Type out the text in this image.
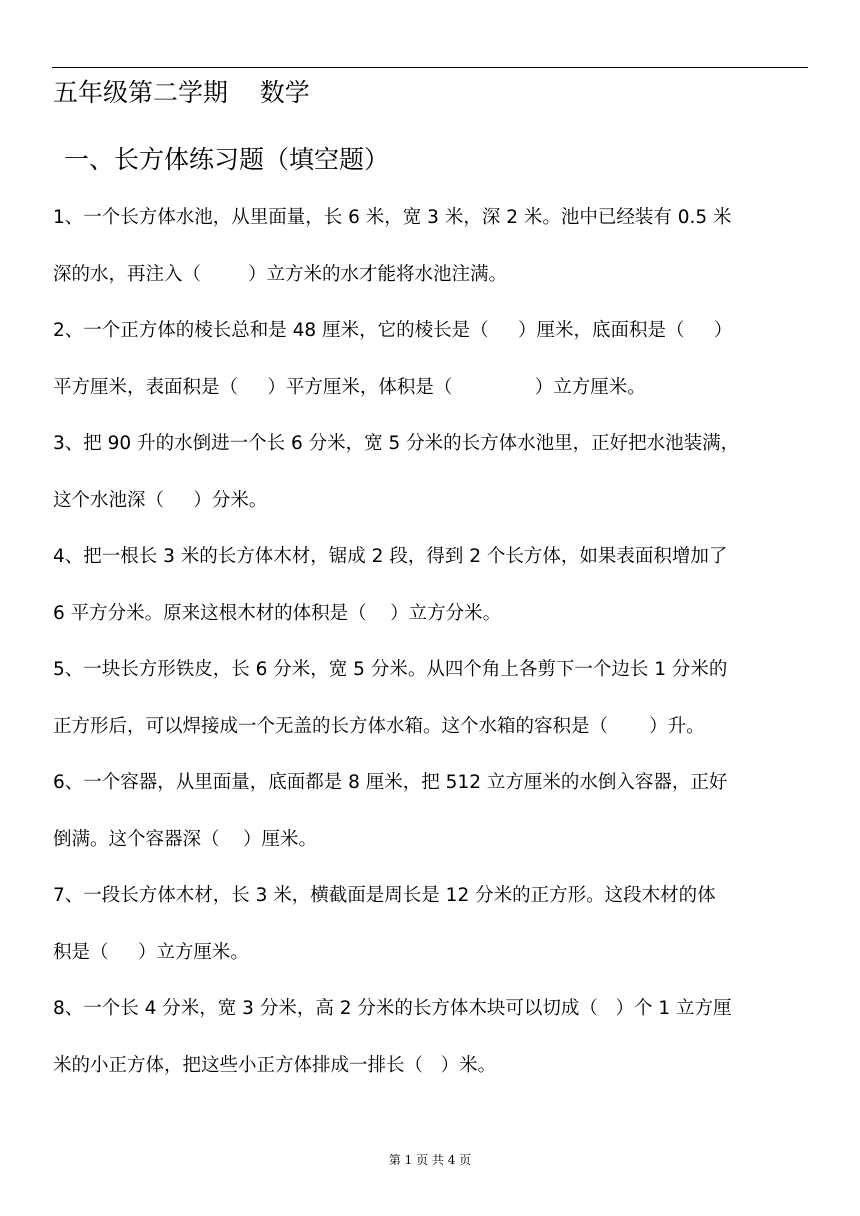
五年级第二学期    数学
一、长方体练习题（填空题）
1、一个长方体水池，从里面量，长 6 米，宽 3 米，深 2 米。池中已经装有 0.5 米
深的水，再注入（        ）立方米的水才能将水池注满。
2、一个正方体的棱长总和是 48 厘米，它的棱长是（     ）厘米，底面积是（     ）
平方厘米，表面积是（     ）平方厘米，体积是（              ）立方厘米。
3、把 90 升的水倒进一个长 6 分米，宽 5 分米的长方体水池里，正好把水池装满，
这个水池深（     ）分米。
4、把一根长 3 米的长方体木材，锯成 2 段，得到 2 个长方体，如果表面积增加了
6 平方分米。原来这根木材的体积是（    ）立方分米。
5、一块长方形铁皮，长 6 分米，宽 5 分米。从四个角上各剪下一个边长 1 分米的
正方形后，可以焊接成一个无盖的长方体水箱。这个水箱的容积是（       ）升。
6、一个容器，从里面量，底面都是 8 厘米，把 512 立方厘米的水倒入容器，正好
倒满。这个容器深（    ）厘米。
7、一段长方体木材，长 3 米，横截面是周长是 12 分米的正方形。这段木材的体
积是（     ）立方厘米。
8、一个长 4 分米，宽 3 分米，高 2 分米的长方体木块可以切成（   ）个 1 立方厘
米的小正方体，把这些小正方体排成一排长（   ）米。
第 1 页 共 4 页
